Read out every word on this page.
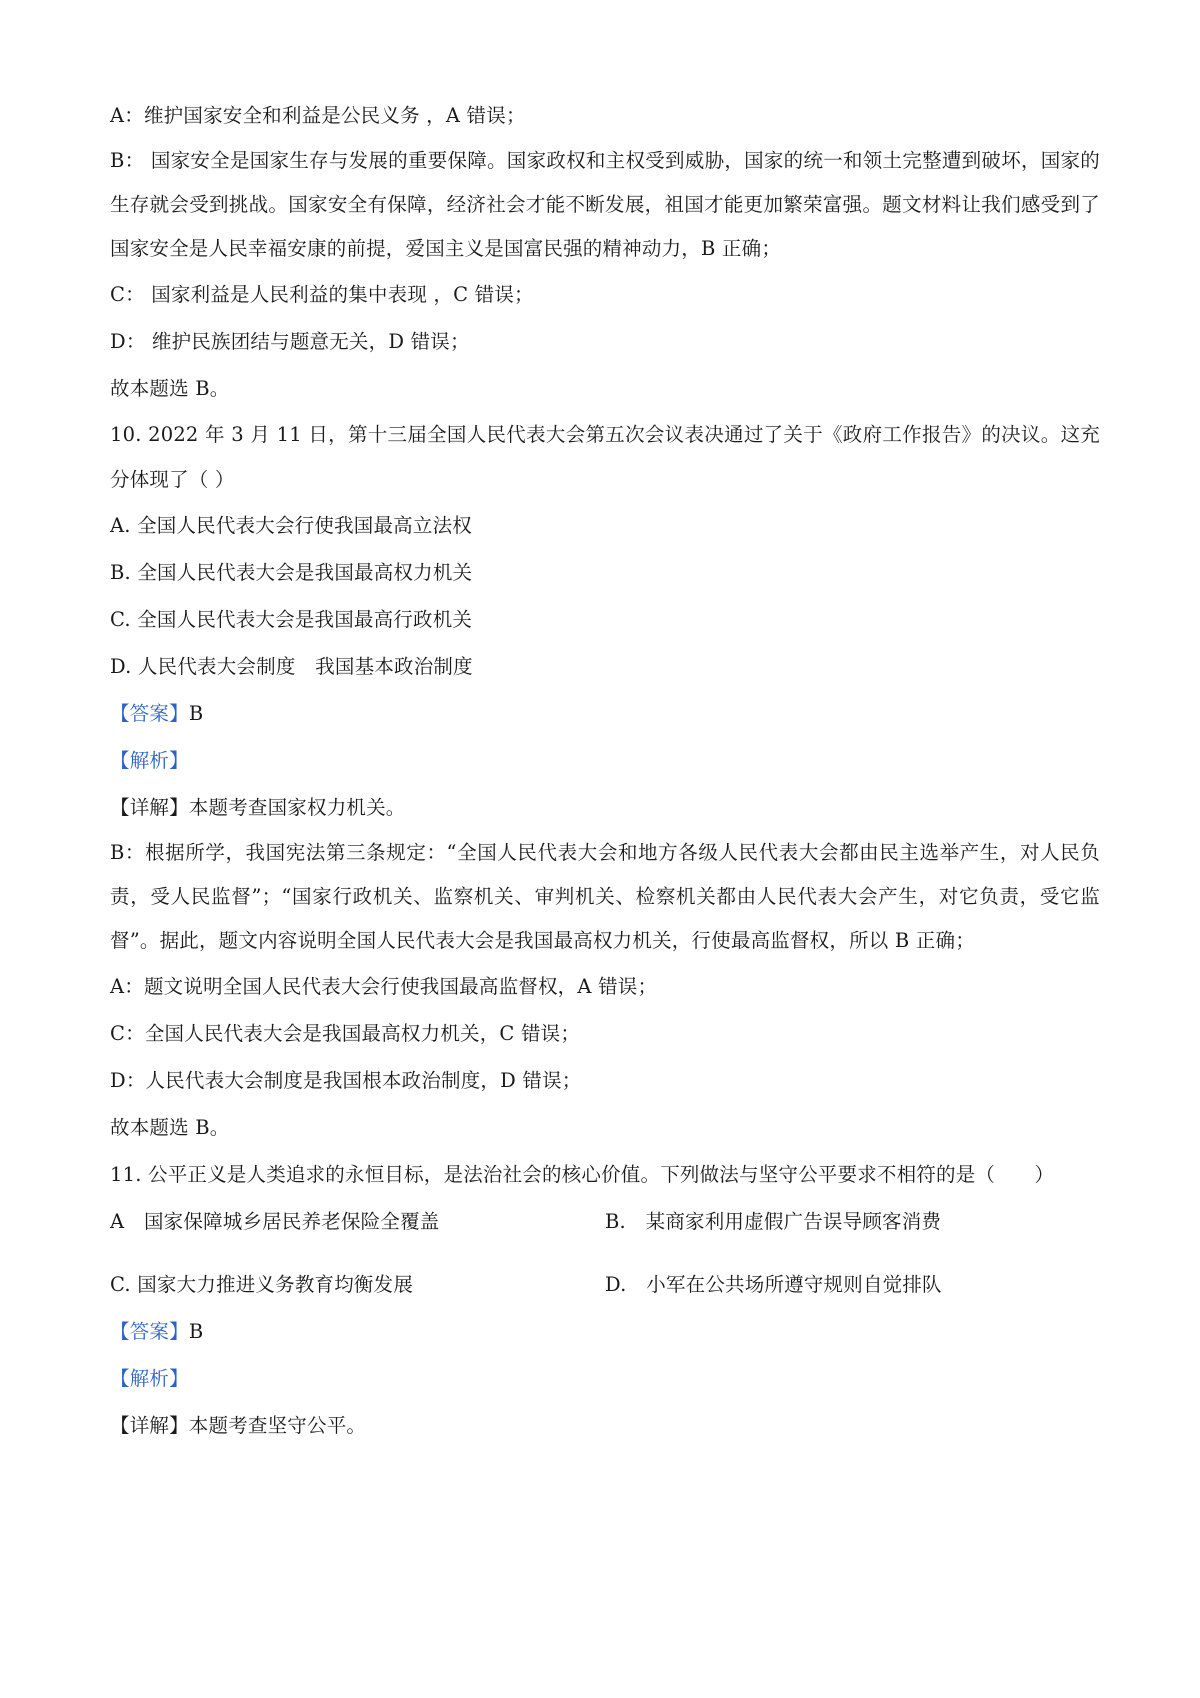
A：维护国家安全和利益是公民义务 ，A 错误；
B： 国家安全是国家生存与发展的重要保障。国家政权和主权受到威胁，国家的统一和领土完整遭到破坏，国家的生存就会受到挑战。国家安全有保障，经济社会才能不断发展，祖国才能更加繁荣富强。题文材料让我们感受到了国家安全是人民幸福安康的前提，爱国主义是国富民强的精神动力，B 正确；
C： 国家利益是人民利益的集中表现 ，C 错误；
D： 维护民族团结与题意无关，D 错误；
故本题选 B。
10. 2022 年 3 月 11 日，第十三届全国人民代表大会第五次会议表决通过了关于《政府工作报告》的决议。这充分体现了（ ）
A. 全国人民代表大会行使我国最高立法权
B. 全国人民代表大会是我国最高权力机关
C. 全国人民代表大会是我国最高行政机关
D. 人民代表大会制度　我国基本政治制度
【答案】B
【解析】
【详解】本题考查国家权力机关。
B：根据所学，我国宪法第三条规定：“全国人民代表大会和地方各级人民代表大会都由民主选举产生，对人民负责，受人民监督”；“国家行政机关、监察机关、审判机关、检察机关都由人民代表大会产生，对它负责，受它监督”。据此，题文内容说明全国人民代表大会是我国最高权力机关，行使最高监督权，所以 B 正确；
A：题文说明全国人民代表大会行使我国最高监督权，A 错误；
C：全国人民代表大会是我国最高权力机关，C 错误；
D：人民代表大会制度是我国根本政治制度，D 错误；
故本题选 B。
11. 公平正义是人类追求的永恒目标，是法治社会的核心价值。下列做法与坚守公平要求不相符的是（　　）
A　国家保障城乡居民养老保险全覆盖	B.　某商家利用虚假广告误导顾客消费
C. 国家大力推进义务教育均衡发展	D.　小军在公共场所遵守规则自觉排队
【答案】B
【解析】
【详解】本题考查坚守公平。
